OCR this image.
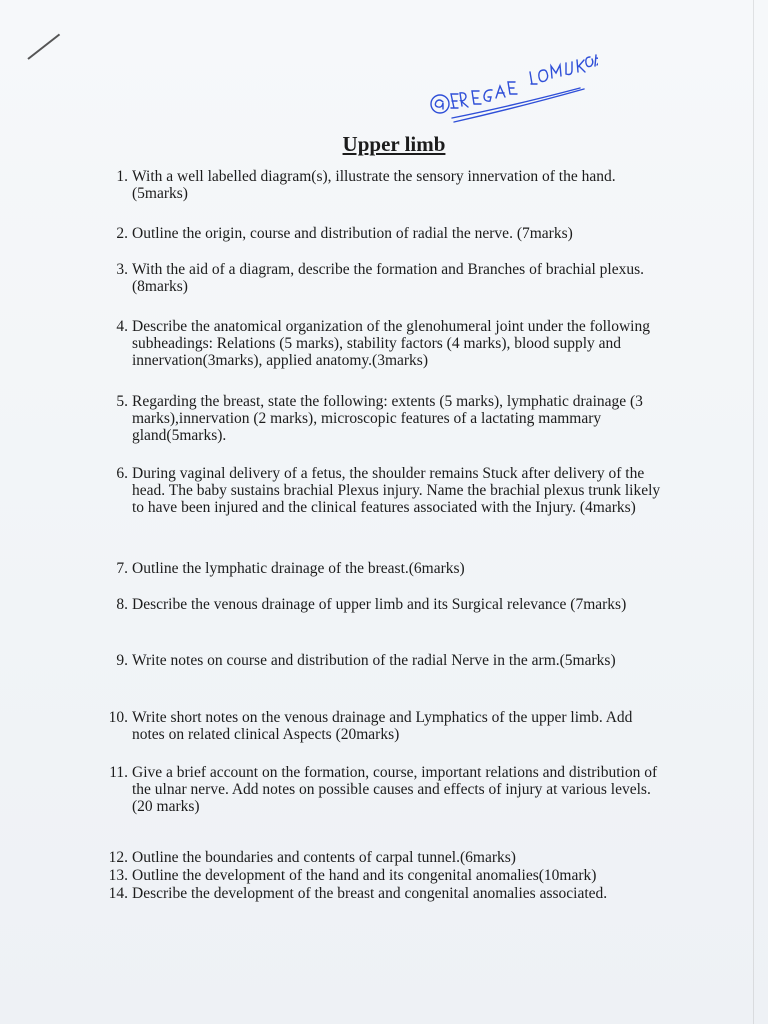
Upper limb
1. With a well labelled diagram(s), illustrate the sensory innervation of the hand. (5marks)
2. Outline the origin, course and distribution of radial the nerve. (7marks)
3. With the aid of a diagram, describe the formation and Branches of brachial plexus.(8marks)
4. Describe the anatomical organization of the glenohumeral joint under the following subheadings: Relations (5 marks), stability factors (4 marks), blood supply and innervation(3marks), applied anatomy.(3marks)
5. Regarding the breast, state the following: extents (5 marks), lymphatic drainage (3 marks),innervation (2 marks), microscopic features of a lactating mammary gland(5marks).
6. During vaginal delivery of a fetus, the shoulder remains Stuck after delivery of the head. The baby sustains brachial Plexus injury. Name the brachial plexus trunk likely to have been injured and the clinical features associated with the Injury. (4marks)
7. Outline the lymphatic drainage of the breast.(6marks)
8. Describe the venous drainage of upper limb and its Surgical relevance (7marks)
9. Write notes on course and distribution of the radial Nerve in the arm.(5marks)
10. Write short notes on the venous drainage and Lymphatics of the upper limb. Add notes on related clinical Aspects (20marks)
11. Give a brief account on the formation, course, important relations and distribution of the ulnar nerve. Add notes on possible causes and effects of injury at various levels. (20 marks)
12. Outline the boundaries and contents of carpal tunnel.(6marks)
13. Outline the development of the hand and its congenital anomalies(10mark)
14. Describe the development of the breast and congenital anomalies associated.
